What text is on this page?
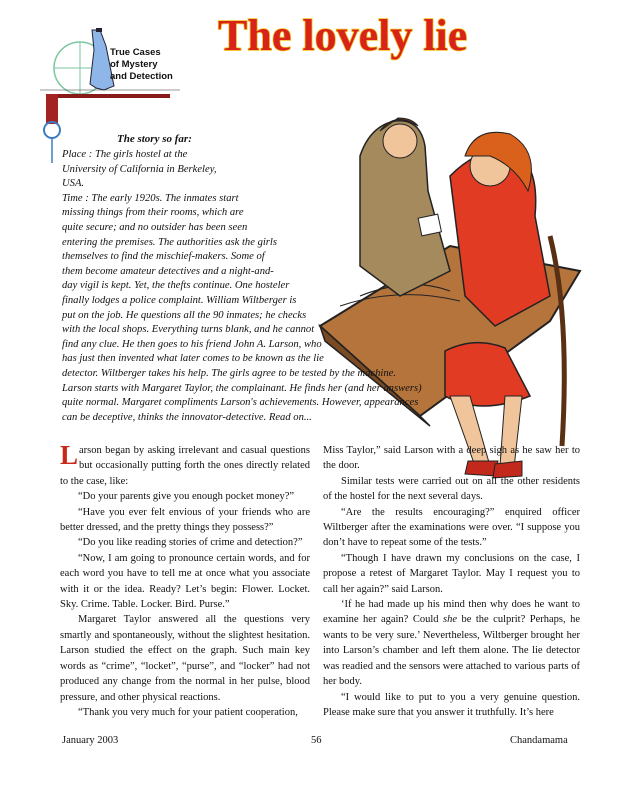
True Cases
of Mystery
and Detection
The lovely lie
The story so far:
Place : The girls hostel at the
University of California in Berkeley,
USA.
Time : The early 1920s. The inmates start
missing things from their rooms, which are
quite secure; and no outsider has been seen
entering the premises. The authorities ask the girls
themselves to find the mischief-makers. Some of
them become amateur detectives and a night-and-
day vigil is kept. Yet, the thefts continue. One hosteler
finally lodges a police complaint. William Wiltberger is
put on the job. He questions all the 90 inmates; he checks
with the local shops. Everything turns blank, and he cannot
find any clue. He then goes to his friend John A. Larson, who
has just then invented what later comes to be known as the lie
detector. Wiltberger takes his help. The girls agree to be tested by the machine.
Larson starts with Margaret Taylor, the complainant. He finds her (and her answers)
quite normal. Margaret compliments Larson's achievements. However, appearances
can be deceptive, thinks the innovator-detective. Read on...

Larson began by asking irrelevant and casual questions but occasionally putting forth the ones directly related to the case, like:

“Do your parents give you enough pocket money?”

“Have you ever felt envious of your friends who are better dressed, and the pretty things they possess?”

“Do you like reading stories of crime and detection?”

“Now, I am going to pronounce certain words, and for each word you have to tell me at once what you associate with it or the idea. Ready? Let’s begin: Flower. Locket. Sky. Crime. Table. Locker. Bird. Purse.”

Margaret Taylor answered all the questions very smartly and spontaneously, without the slightest hesitation. Larson studied the effect on the graph. Such main key words as “crime”, “locket”, “purse”, and “locker” had not produced any change from the normal in her pulse, blood pressure, and other physical reactions.

“Thank you very much for your patient cooperation,

Miss Taylor,” said Larson with a deep sigh as he saw her to the door.

Similar tests were carried out on all the other residents of the hostel for the next several days.

“Are the results encouraging?” enquired officer Wiltberger after the examinations were over. “I suppose you don’t have to repeat some of the tests.”

“Though I have drawn my conclusions on the case, I propose a retest of Margaret Taylor. May I request you to call her again?” said Larson.

‘If he had made up his mind then why does he want to examine her again? Could she be the culprit? Perhaps, he wants to be very sure.’ Nevertheless, Wiltberger brought her into Larson’s chamber and left them alone. The lie detector was readied and the sensors were attached to various parts of her body.

“I would like to put to you a very genuine question. Please make sure that you answer it truthfully. It’s here

January 2003	56	Chandamama
